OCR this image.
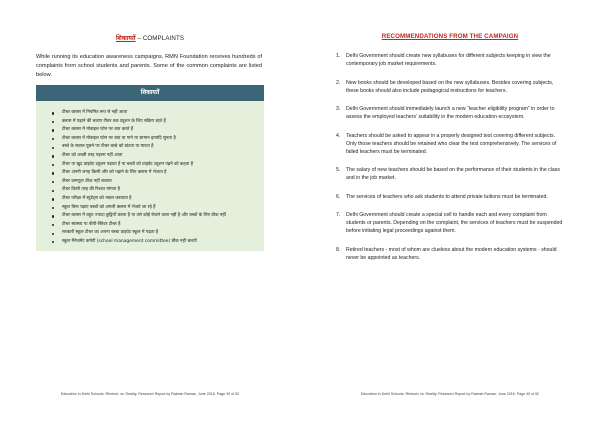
शिकायतें – COMPLAINTS
While running its education awareness campaigns, RMN Foundation receives hundreds of complaints from school students and parents. Some of the common complaints are listed below.
शिकायतें
टीचर क्लास में नियमित रूप से नहीं आता
क्लास में पढ़ाने की बजाए टीचर तक ट्यूशन के लिए सक्रिय रहते हैं
टीचर क्लास में मोबाइल फोन पर बात करते हैं
टीचर क्लास में मोबाइल फोन पर बात या गाने या सामान इत्यादि सुनता है
बच्चे के सवाल पूछने पर टीचर बच्चे को डांटता या मारता है
टीचर को अच्छी तरह पढ़ाना नहीं आता
टीचर या खुद प्राइवेट ट्यूशन पढ़ाता है या बच्चों को प्राइवेट ट्यूशन पढ़ने को कहता है
टीचर अपनी जगह किसी और को पढ़ाने के लिए क्लास में भेजता है
टीचर कम्प्यूटर ठीक नहीं चलाता
टीचर किसी तरह की रिश्वत मांगता है
टीचर परीक्षा में स्टूडेंट्स को नकल करवाता है
स्कूल बिना पढ़ाए बच्चों को अगली क्लास में भेजते जा रहे हैं
टीचर क्लास में बहुत ज्यादा छुट्टियाँ करता है या उसे कोई रोकने वाला नहीं है और बच्चों के लिए ठीक नहीं
टीचर स्वास्थ्य या बीपी-ब्लिटर टीचर है
सरकारी स्कूल टीचर का अपना बच्चा प्राइवेट स्कूल में पढ़ता है
स्कूल मैनेजमेंट कमेटी (school management committee) ठीक नहीं चलती
Education in Delhi Schools: Rhetoric vs. Reality. Research Report by Rakesh Raman. June 2016. Page 39 of 52
RECOMMENDATIONS FROM THE CAMPAIGN
1. Delhi Government should create new syllabuses for different subjects keeping in view the contemporary job market requirements.
2. New books should be developed based on the new syllabuses. Besides covering subjects, these books should also include pedagogical instructions for teachers.
3. Delhi Government should immediately launch a new “teacher eligibility program” in order to assess the employed teachers’ suitability in the modern education ecosystem.
4. Teachers should be asked to appear in a properly designed test covering different subjects. Only those teachers should be retained who clear the test comprehensively. The services of failed teachers must be terminated.
5. The salary of new teachers should be based on the performance of their students in the class and in the job market.
6. The services of teachers who ask students to attend private tuitions must be terminated.
7. Delhi Government should create a special cell to handle each and every complaint from students or parents. Depending on the complaint, the services of teachers must be suspended before initiating legal proceedings against them.
8. Retired teachers - most of whom are clueless about the modern education systems - should never be appointed as teachers.
Education in Delhi Schools: Rhetoric vs. Reality. Research Report by Rakesh Raman. June 2016. Page 40 of 52
